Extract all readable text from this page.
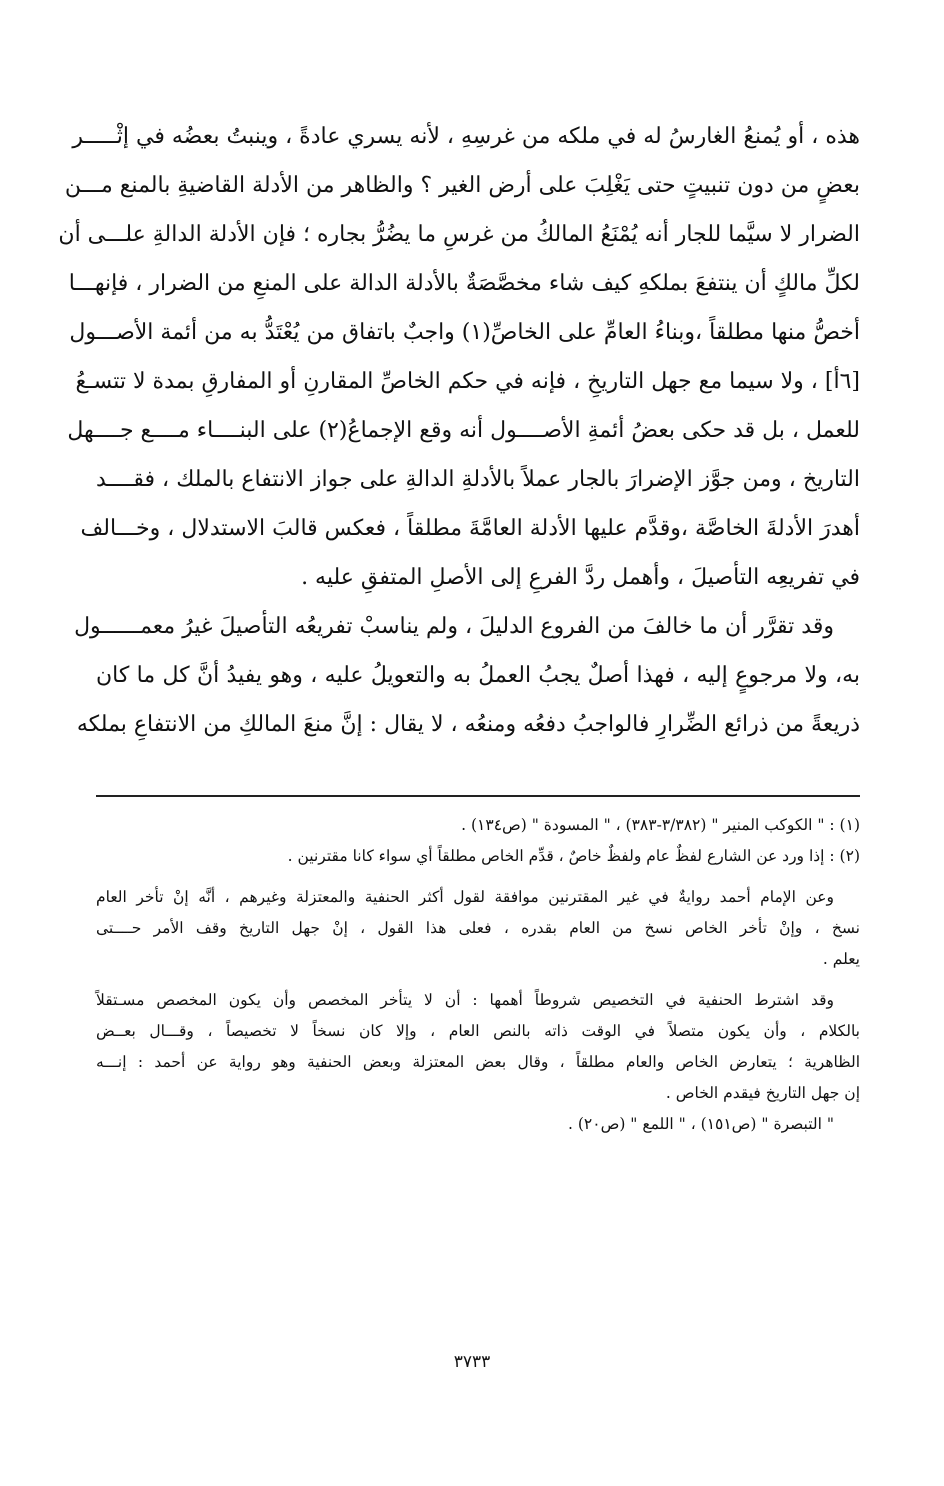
هذه ، أو يُمنعُ الغارسُ له في ملكه من غرسِهِ ، لأنه يسري عادةً ، وينبتُ بعضُه في إثْـــــر
بعضٍ من دون تنبيتٍ حتى يَغْلِبَ على أرض الغير ؟ والظاهر من الأدلة القاضيةِ بالمنع مـــن
الضرار لا سيَّما للجار أنه يُمْنَعُ المالكُ من غرسِ ما يضُرُّ بجاره ؛ فإن الأدلة الدالةِ علـــى أن
لكلِّ مالكٍ أن ينتفعَ بملكهِ كيف شاء مخصَّصَةٌ بالأدلة الدالة على المنعِ من الضرار ، فإنهـــا
أخصُّ منها مطلقاً ،وبناءُ العامِّ على الخاصِّ(١) واجبٌ باتفاق من يُعْتَدُّ به من أئمة الأصـــول
[٦أ] ، ولا سيما مع جهل التاريخِ ، فإنه في حكم الخاصِّ المقارنِ أو المفارقِ بمدة لا تتسـعُ
للعمل ، بل قد حكى بعضُ أئمةِ الأصــــول أنه وقع الإجماعُ(٢) على البنــــاء مــــع جــــهل
التاريخ ، ومن جوَّز الإضرارَ بالجار عملاً بالأدلةِ الدالةِ على جواز الانتفاع بالملك ، فقــــد
أهدرَ الأدلةَ الخاصَّة ،وقدَّم عليها الأدلة العامَّةَ مطلقاً ، فعكس قالبَ الاستدلال ، وخـــالف
في تفريعِه التأصيلَ ، وأهمل ردَّ الفرعِ إلى الأصلِ المتفقِ عليه .
وقد تقرَّر أن ما خالفَ من الفروع الدليلَ ، ولم يناسبْ تفريعُه التأصيلَ غيرُ معمــــــول
به، ولا مرجوعٍ إليه ، فهذا أصلٌ يجبُ العملُ به والتعويلُ عليه ، وهو يفيدُ أنَّ كل ما كان
ذريعةً من ذرائع الضِّرارِ فالواجبُ دفعُه ومنعُه ، لا يقال : إنَّ منعَ المالكِ من الانتفاعِ بملكه
(١) : " الكوكب المنير " (٣/٣٨٢-٣٨٣) ، " المسودة " (ص١٣٤) .
(٢) : إذا ورد عن الشارع لفظٌ عام ولفظٌ خاصٌ ، قدِّم الخاص مطلقاً أي سواء كانا مقترنين .
وعن الإمام أحمد روايةٌ في غير المقترنين موافقة لقول أكثر الحنفية والمعتزلة وغيرهم ، أنَّه إنْ تأخر العام
نسخ ، وإنْ تأخر الخاص نسخ من العام بقدره ، فعلى هذا القول ، إنْ جهل التاريخ وقف الأمر حــــتى
يعلم .
وقد اشترط الحنفية في التخصيص شروطاً أهمها : أن لا يتأخر المخصص وأن يكون المخصص مسـتقلاً
بالكلام ، وأن يكون متصلاً في الوقت ذاته بالنص العام ، وإلا كان نسخاً لا تخصيصاً ، وقـــال بعــض
الظاهرية ؛ يتعارض الخاص والعام مطلقاً ، وقال بعض المعتزلة وبعض الحنفية وهو رواية عن أحمد : إنـــه
إن جهل التاريخ فيقدم الخاص .
" التبصرة " (ص١٥١) ، " اللمع " (ص٢٠) .
٣٧٣٣
